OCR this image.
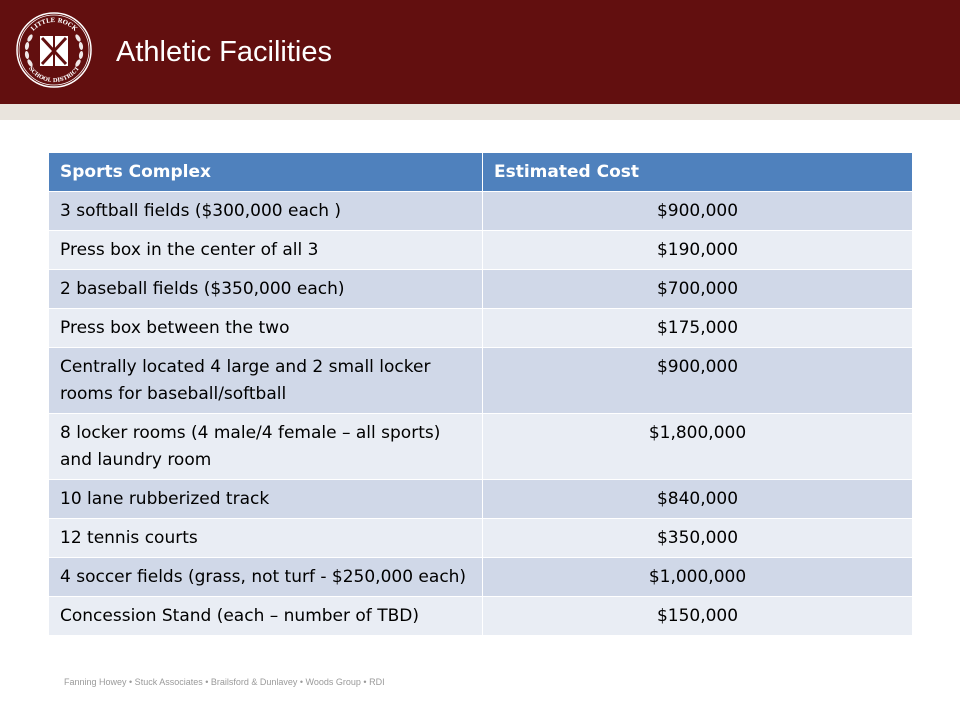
LITTLE ROCK
SCHOOL DISTRICT
Athletic Facilities
Sports Complex	Estimated Cost
3 softball fields ($300,000 each )	$900,000
Press box in the center of all 3	$190,000
2 baseball fields ($350,000 each)	$700,000
Press box between the two	$175,000
Centrally located 4 large and 2 small locker rooms for baseball/softball	$900,000
8 locker rooms (4 male/4 female – all sports) and laundry room	$1,800,000
10 lane rubberized track	$840,000
12 tennis courts	$350,000
4 soccer fields (grass, not turf - $250,000 each)	$1,000,000
Concession Stand (each – number of TBD)	$150,000
Fanning Howey • Stuck Associates • Brailsford & Dunlavey • Woods Group • RDI
